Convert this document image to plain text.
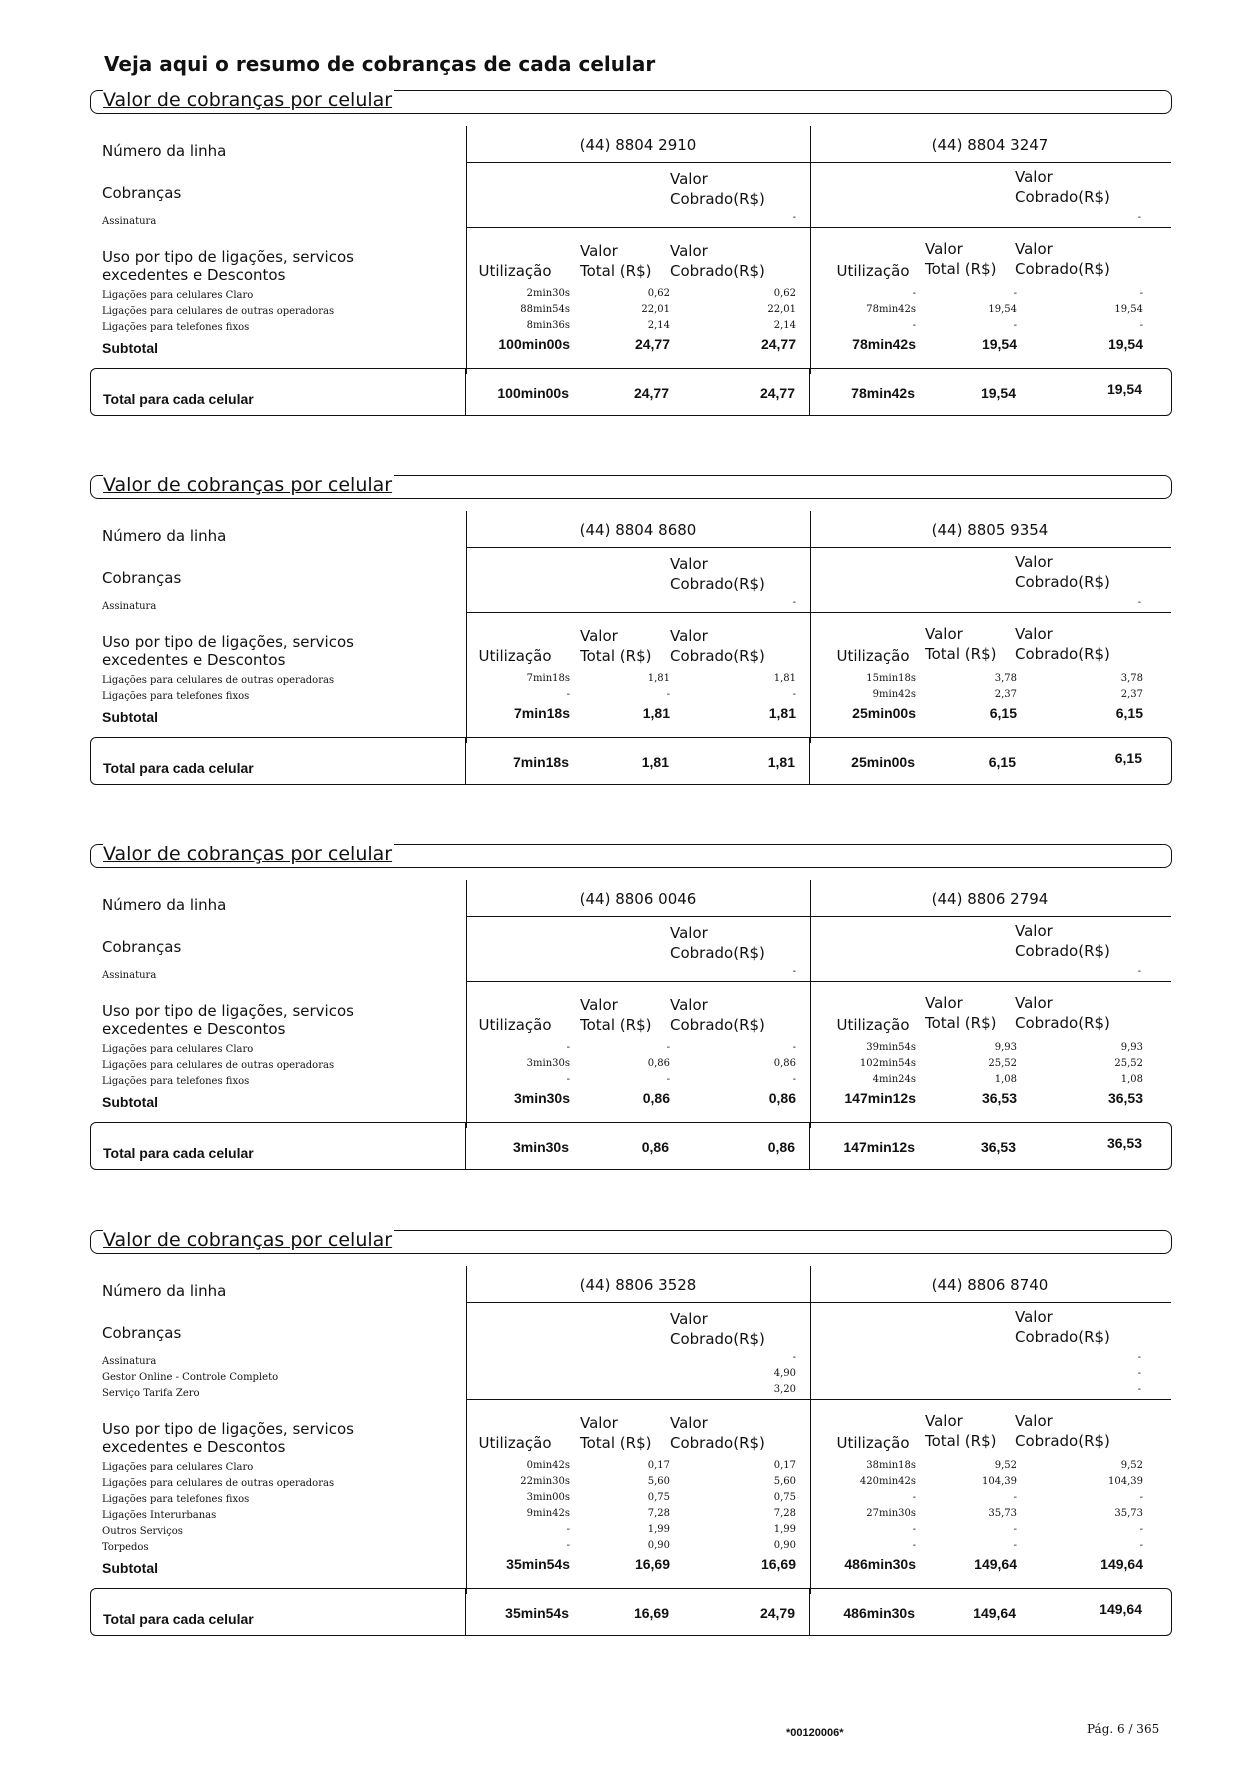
Veja aqui o resumo de cobranças de cada celular
Valor de cobranças por celular
Número da linha	(44) 8804 2910	(44) 8804 3247
Cobranças
Valor
Cobrado(R$)
Valor
Cobrado(R$)
Assinatura	-	-
Uso por tipo de ligações, servicos
excedentes e Descontos	Utilização
Valor
Total (R$)
Valor
Cobrado(R$)	Utilização
Valor
Total (R$)
Valor
Cobrado(R$)
Ligações para celulares Claro	2min30s	0,62	0,62	-	-	-
Ligações para celulares de outras operadoras	88min54s	22,01	22,01	78min42s	19,54	19,54
Ligações para telefones fixos	8min36s	2,14	2,14	-	-	-
Subtotal	100min00s	24,77	24,77	78min42s	19,54	19,54
Total para cada celular	100min00s	24,77	24,77	78min42s	19,54	19,54
Valor de cobranças por celular
Número da linha	(44) 8804 8680	(44) 8805 9354
Cobranças
Valor
Cobrado(R$)
Valor
Cobrado(R$)
Assinatura	-	-
Uso por tipo de ligações, servicos
excedentes e Descontos	Utilização
Valor
Total (R$)
Valor
Cobrado(R$)	Utilização
Valor
Total (R$)
Valor
Cobrado(R$)
Ligações para celulares de outras operadoras	7min18s	1,81	1,81	15min18s	3,78	3,78
Ligações para telefones fixos	-	-	-	9min42s	2,37	2,37
Subtotal	7min18s	1,81	1,81	25min00s	6,15	6,15
Total para cada celular	7min18s	1,81	1,81	25min00s	6,15	6,15
Valor de cobranças por celular
Número da linha	(44) 8806 0046	(44) 8806 2794
Cobranças
Valor
Cobrado(R$)
Valor
Cobrado(R$)
Assinatura	-	-
Uso por tipo de ligações, servicos
excedentes e Descontos	Utilização
Valor
Total (R$)
Valor
Cobrado(R$)	Utilização
Valor
Total (R$)
Valor
Cobrado(R$)
Ligações para celulares Claro	-	-	-	39min54s	9,93	9,93
Ligações para celulares de outras operadoras	3min30s	0,86	0,86	102min54s	25,52	25,52
Ligações para telefones fixos	-	-	-	4min24s	1,08	1,08
Subtotal	3min30s	0,86	0,86	147min12s	36,53	36,53
Total para cada celular	3min30s	0,86	0,86	147min12s	36,53	36,53
Valor de cobranças por celular
Número da linha	(44) 8806 3528	(44) 8806 8740
Cobranças
Valor
Cobrado(R$)
Valor
Cobrado(R$)
Assinatura	-	-
Gestor Online - Controle Completo	4,90	-
Serviço Tarifa Zero	3,20	-
Uso por tipo de ligações, servicos
excedentes e Descontos	Utilização
Valor
Total (R$)
Valor
Cobrado(R$)	Utilização
Valor
Total (R$)
Valor
Cobrado(R$)
Ligações para celulares Claro	0min42s	0,17	0,17	38min18s	9,52	9,52
Ligações para celulares de outras operadoras	22min30s	5,60	5,60	420min42s	104,39	104,39
Ligações para telefones fixos	3min00s	0,75	0,75	-	-	-
Ligações Interurbanas	9min42s	7,28	7,28	27min30s	35,73	35,73
Outros Serviços	-	1,99	1,99	-	-	-
Torpedos	-	0,90	0,90	-	-	-
Subtotal	35min54s	16,69	16,69	486min30s	149,64	149,64
Total para cada celular	35min54s	16,69	24,79	486min30s	149,64	149,64
*00120006*	Pág. 6 / 365
